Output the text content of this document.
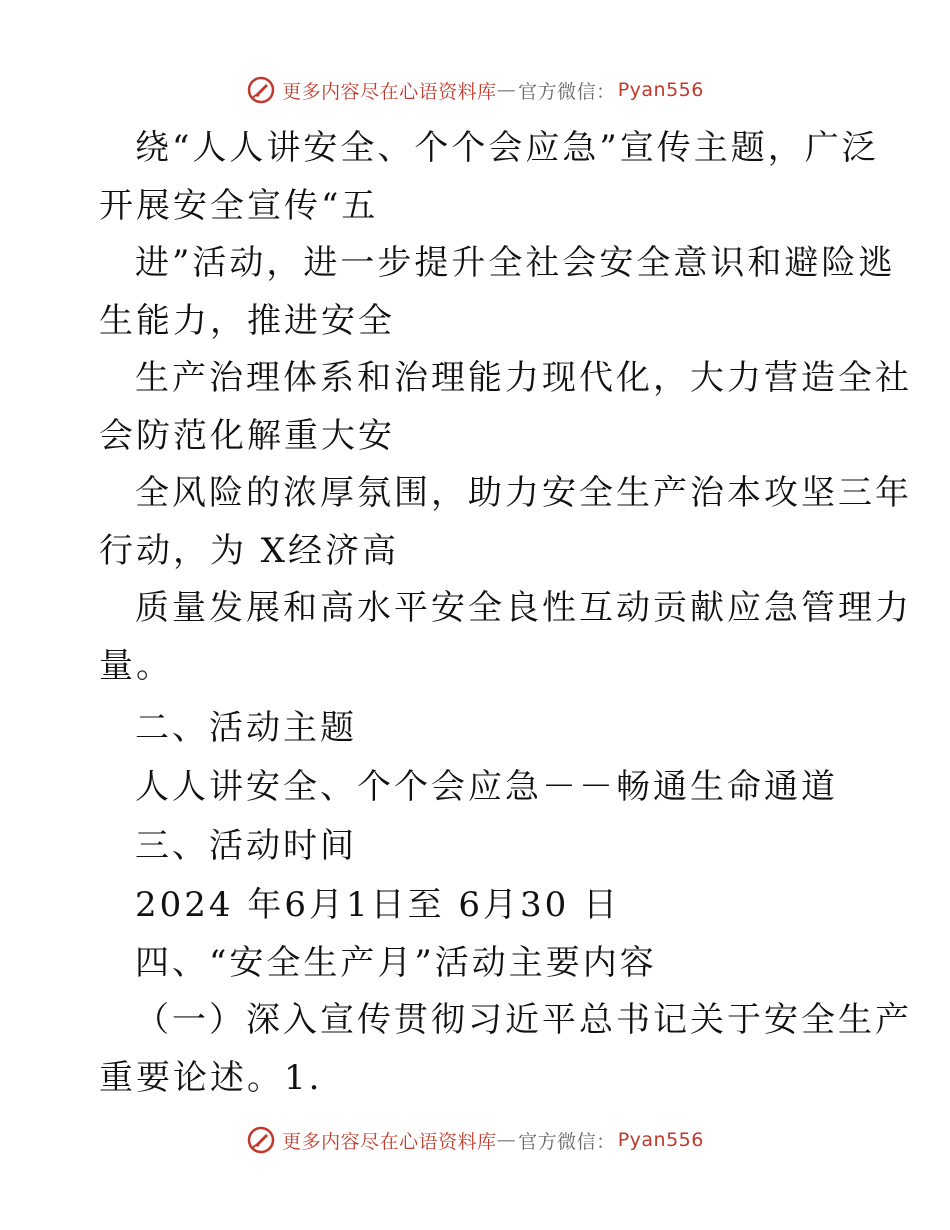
更多内容尽在心语资料库 — 官方微信： Pyan556
绕“人人讲安全、个个会应急”宣传主题，广泛
开展安全宣传“五
进”活动，进一步提升全社会安全意识和避险逃
生能力，推进安全
生产治理体系和治理能力现代化，大力营造全社
会防范化解重大安
全风险的浓厚氛围，助力安全生产治本攻坚三年
行动，为 X经济高
质量发展和高水平安全良性互动贡献应急管理力
量。
二、活动主题
人人讲安全、个个会应急－－畅通生命通道
三、活动时间
2024 年6月1日至 6月30 日
四、“安全生产月”活动主要内容
（一）深入宣传贯彻习近平总书记关于安全生产
重要论述。1.
更多内容尽在心语资料库 — 官方微信： Pyan556
